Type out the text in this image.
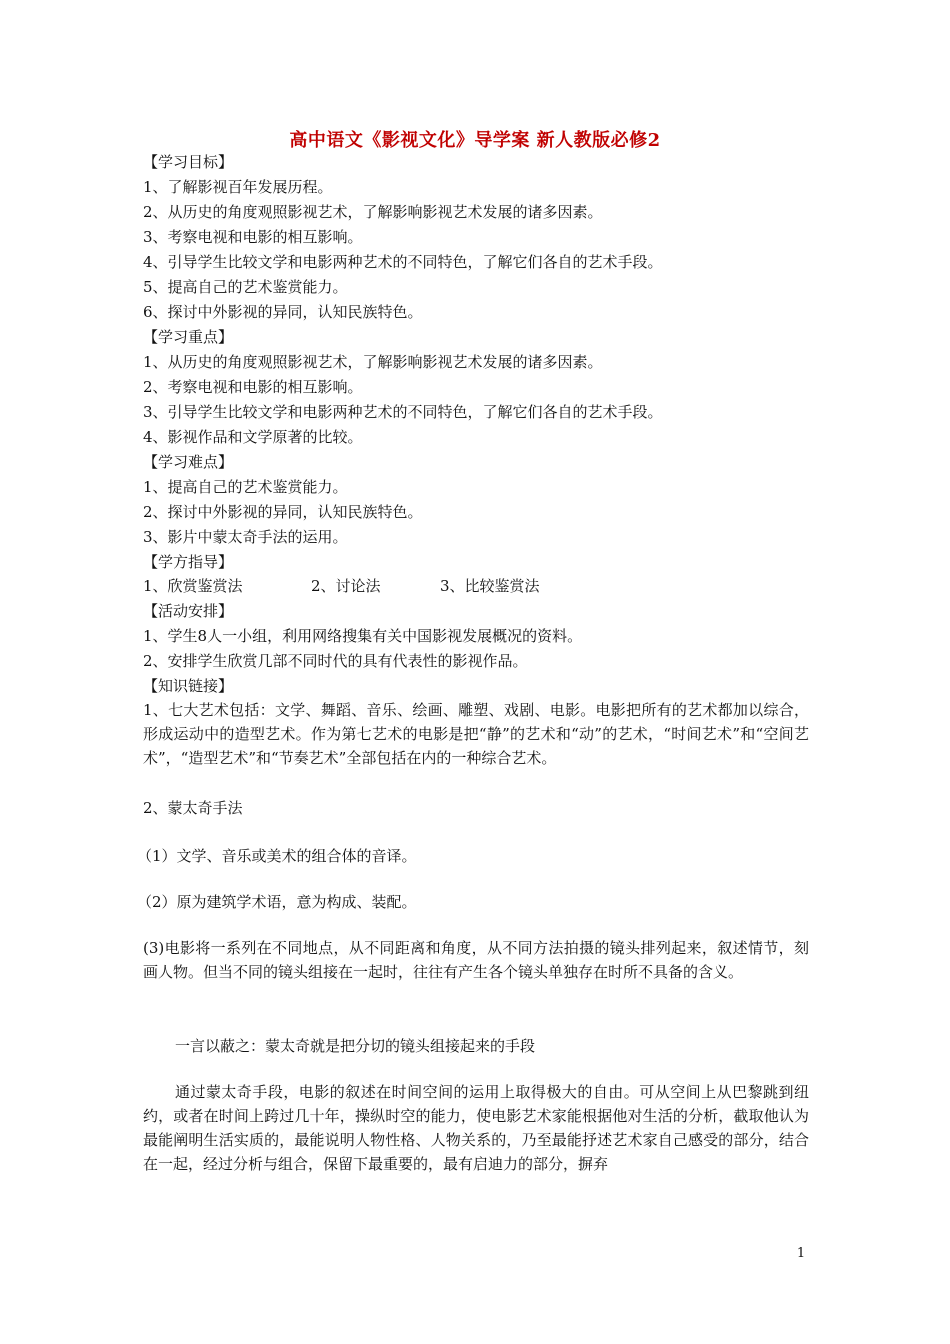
高中语文《影视文化》导学案 新人教版必修2
【学习目标】
1、了解影视百年发展历程。
2、从历史的角度观照影视艺术，了解影响影视艺术发展的诸多因素。
3、考察电视和电影的相互影响。
4、引导学生比较文学和电影两种艺术的不同特色，了解它们各自的艺术手段。
5、提高自己的艺术鉴赏能力。
6、探讨中外影视的异同，认知民族特色。
【学习重点】
1、从历史的角度观照影视艺术，了解影响影视艺术发展的诸多因素。
2、考察电视和电影的相互影响。
3、引导学生比较文学和电影两种艺术的不同特色，了解它们各自的艺术手段。
4、影视作品和文学原著的比较。
【学习难点】
1、提高自己的艺术鉴赏能力。
2、探讨中外影视的异同，认知民族特色。
3、影片中蒙太奇手法的运用。
【学方指导】
1、欣赏鉴赏法	2、讨论法	3、比较鉴赏法
【活动安排】
1、学生8人一小组，利用网络搜集有关中国影视发展概况的资料。
2、安排学生欣赏几部不同时代的具有代表性的影视作品。
【知识链接】
1、七大艺术包括：文学、舞蹈、音乐、绘画、雕塑、戏剧、电影。电影把所有的艺术都加以综合，形成运动中的造型艺术。作为第七艺术的电影是把“静”的艺术和“动”的艺术，“时间艺术”和“空间艺术”，“造型艺术”和“节奏艺术”全部包括在内的一种综合艺术。
2、蒙太奇手法
（1）文学、音乐或美术的组合体的音译。
（2）原为建筑学术语，意为构成、装配。
(3)电影将一系列在不同地点，从不同距离和角度，从不同方法拍摄的镜头排列起来，叙述情节，刻画人物。但当不同的镜头组接在一起时，往往有产生各个镜头单独存在时所不具备的含义。
一言以蔽之：蒙太奇就是把分切的镜头组接起来的手段
通过蒙太奇手段，电影的叙述在时间空间的运用上取得极大的自由。可从空间上从巴黎跳到纽约，或者在时间上跨过几十年，操纵时空的能力，使电影艺术家能根据他对生活的分析，截取他认为最能阐明生活实质的，最能说明人物性格、人物关系的，乃至最能抒述艺术家自己感受的部分，结合在一起，经过分析与组合，保留下最重要的，最有启迪力的部分，摒弃
1
